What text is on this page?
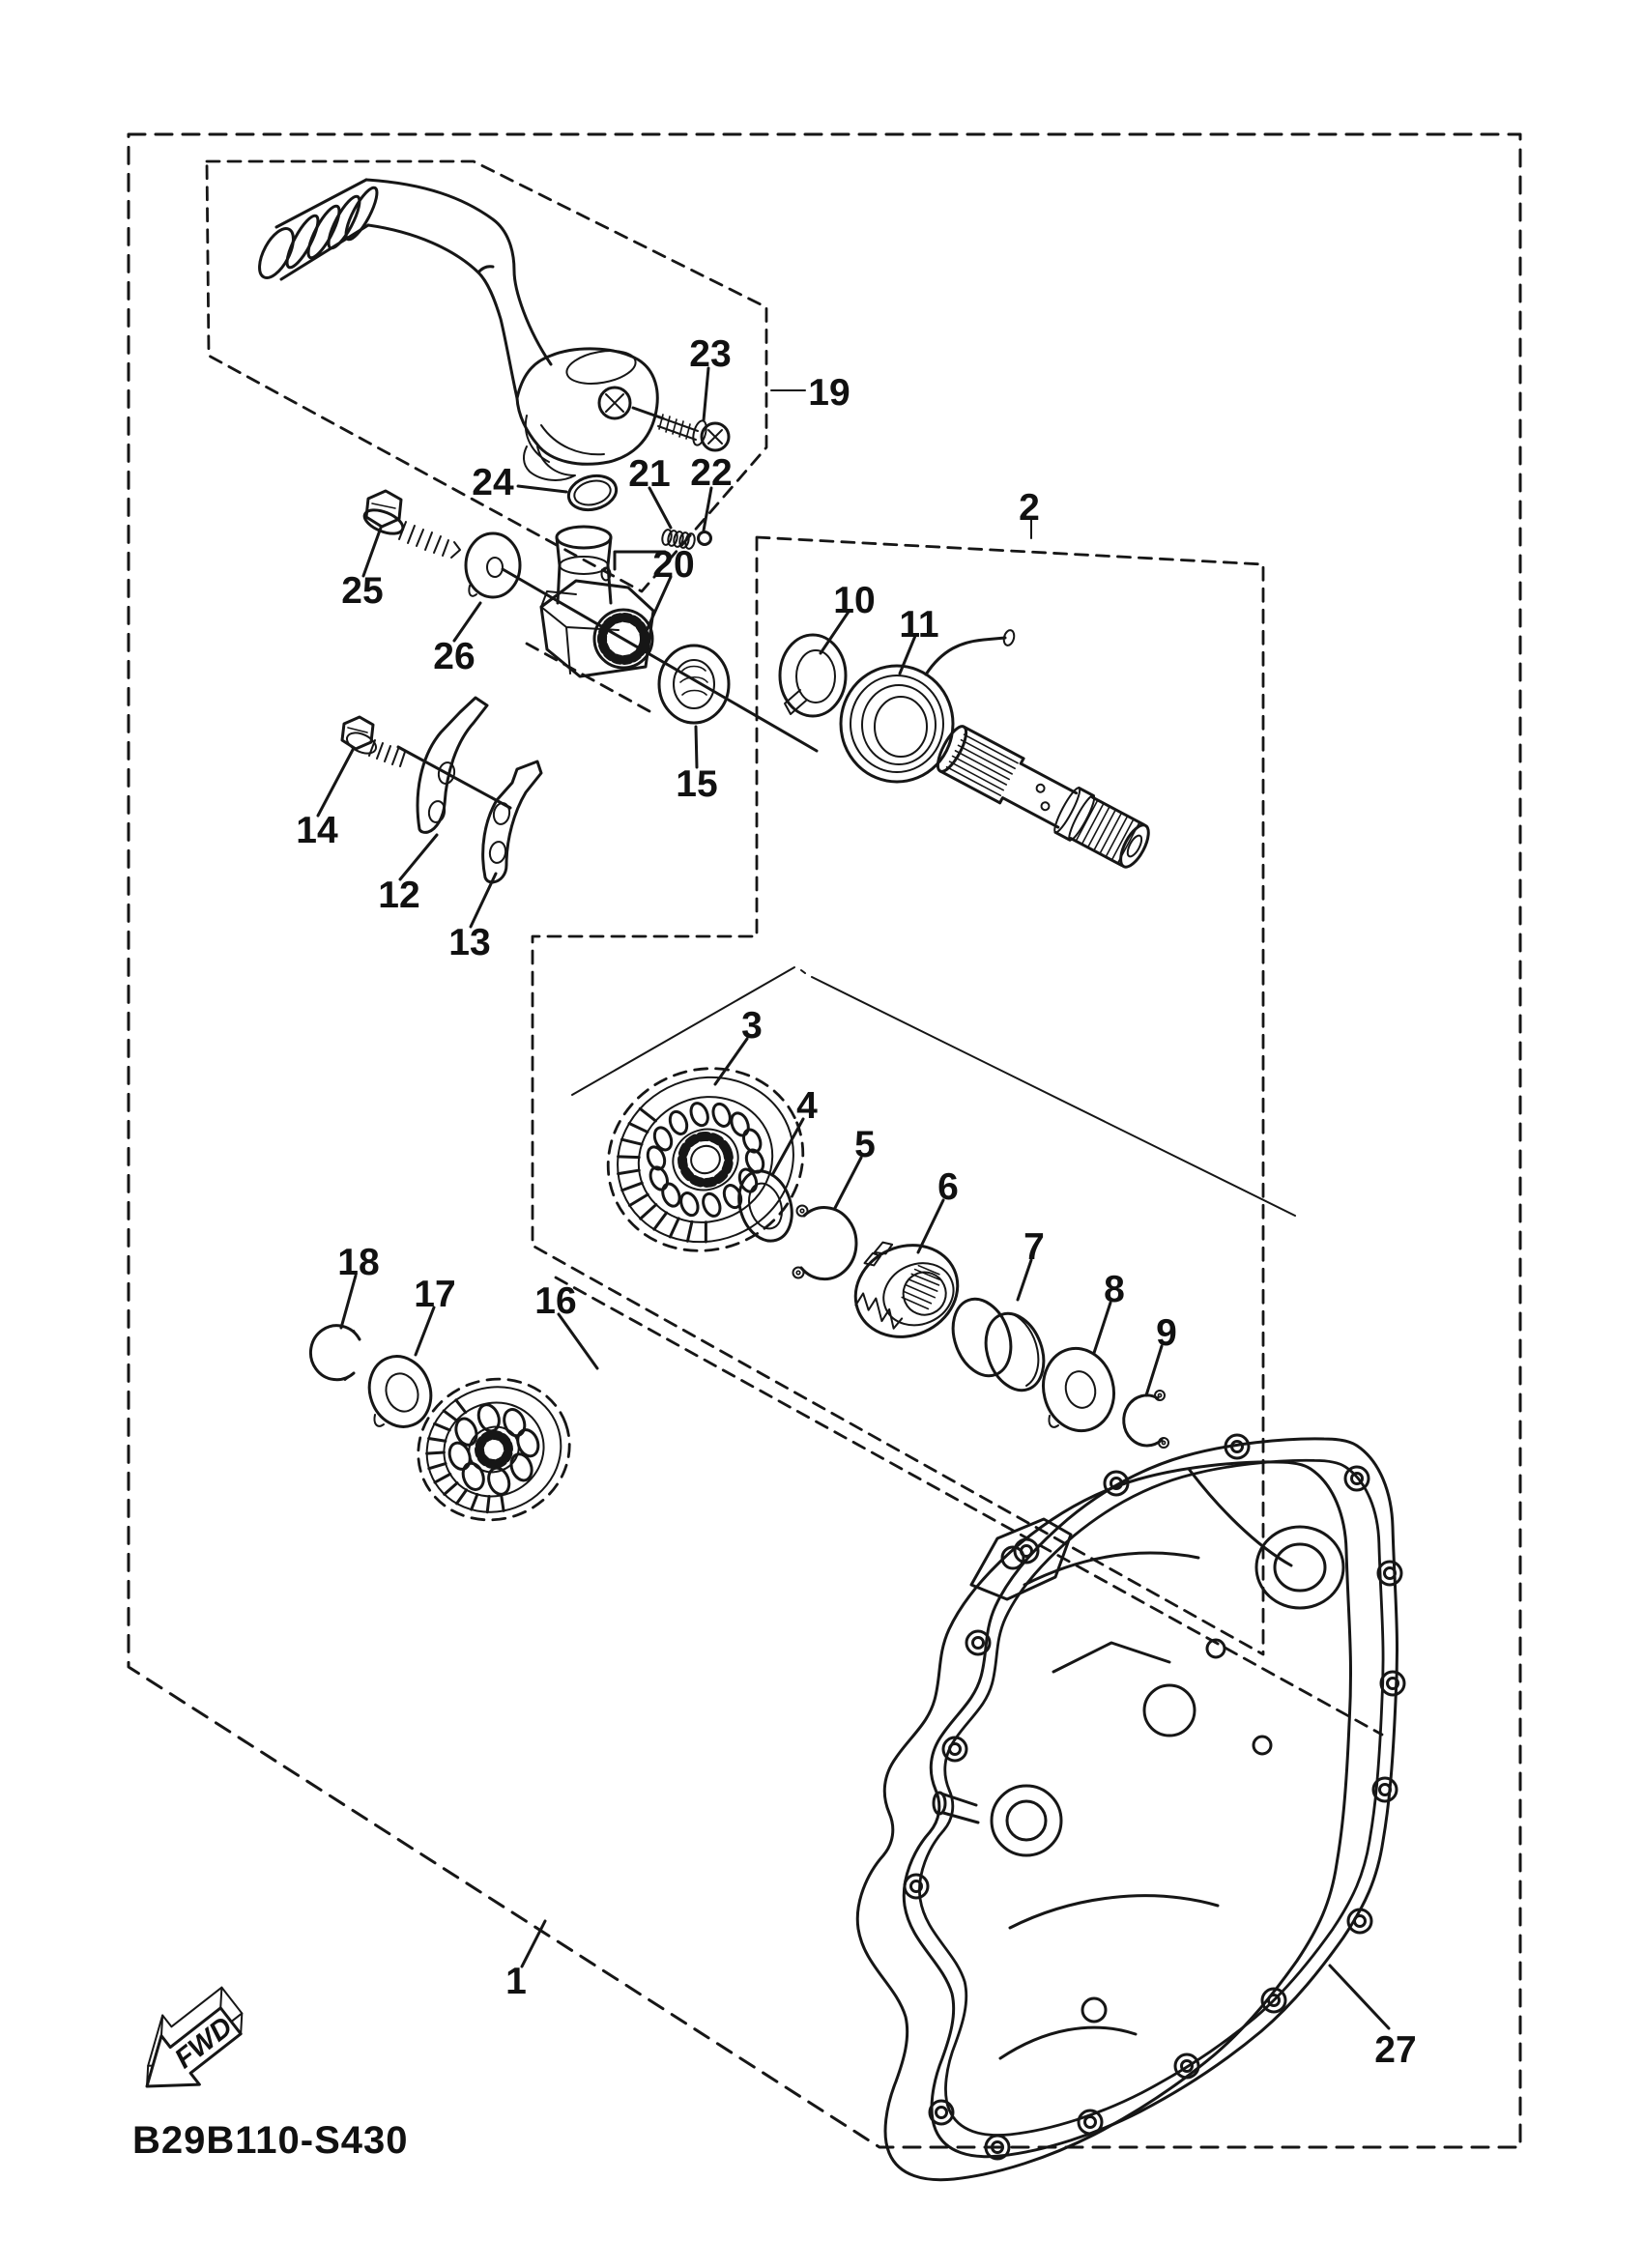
FWD
B29B110-S430
1
2
3
4
5
6
7
8
9
10
11
12
13
14
15
16
17
18
19
20
21 22
23
24
25
26
27
